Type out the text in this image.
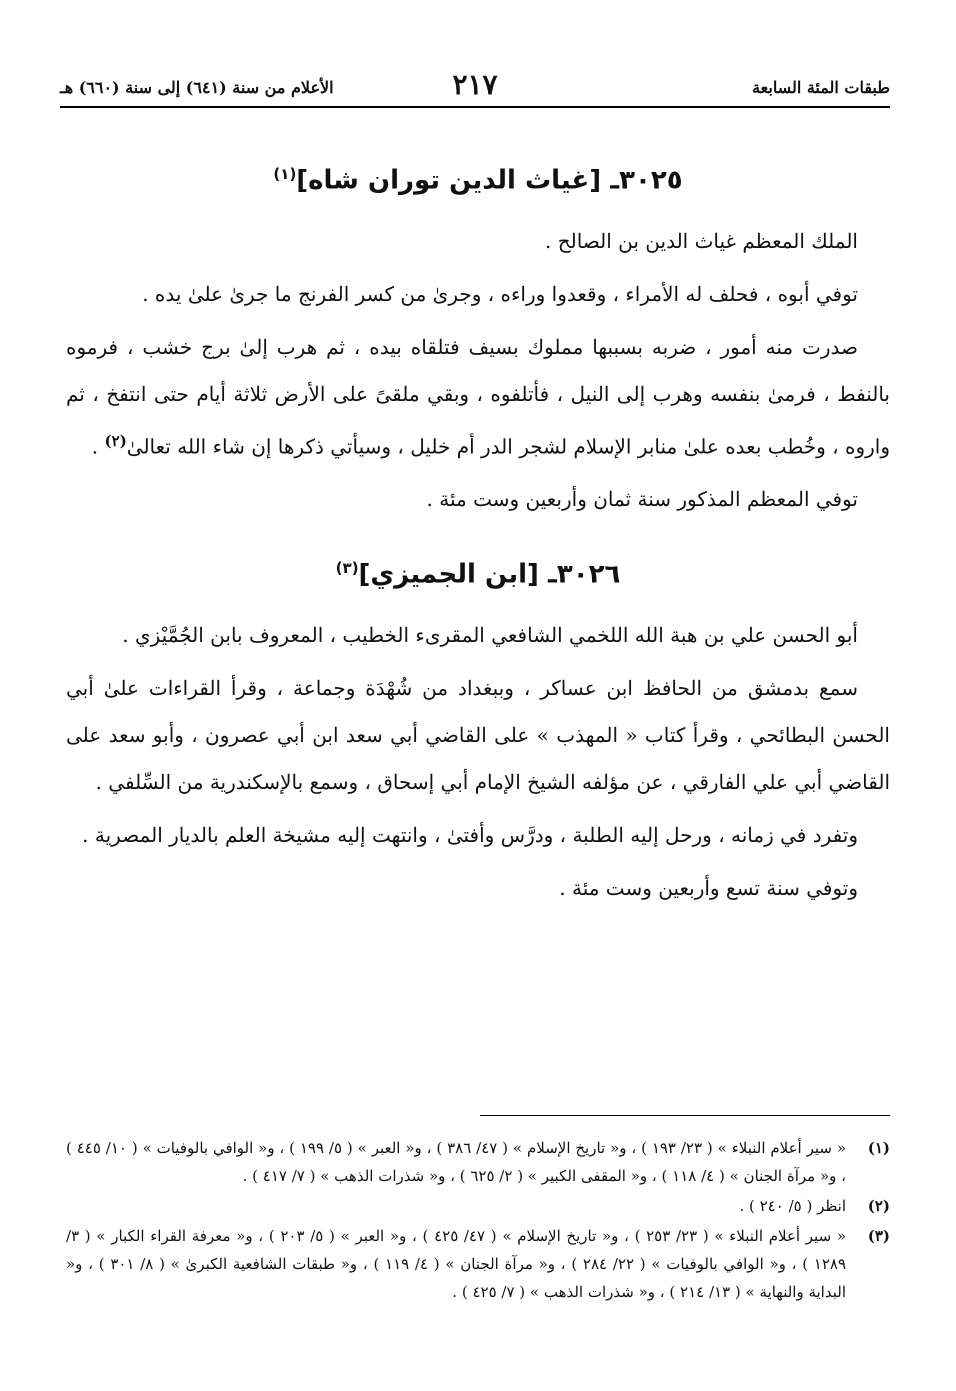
طبقات المئة السابعة
٢١٧
الأعلام من سنة (٦٤١) إلى سنة (٦٦٠) هـ
٣٠٢٥ـ [غياث الدين توران شاه]$^{(١)}$

الملك المعظم غياث الدين بن الصالح .

توفي أبوه ، فحلف له الأمراء ، وقعدوا وراءه ، وجرىٰ من كسر الفرنج ما جرىٰ علىٰ يده .

صدرت منه أمور ، ضربه بسببها مملوك بسيف فتلقاه بيده ، ثم هرب إلىٰ برج خشب ، فرموه بالنفط ، فرمىٰ بنفسه وهرب إلى النيل ، فأتلفوه ، وبقي ملقىً على الأرض ثلاثة أيام حتى انتفخ ، ثم واروه ، وخُطب بعده علىٰ منابر الإسلام لشجر الدر أم خليل ، وسيأتي ذكرها إن شاء الله تعالىٰ$^{(٢)}$ .

توفي المعظم المذكور سنة ثمان وأربعين وست مئة .

٣٠٢٦ـ [ابن الجميزي]$^{(٣)}$

أبو الحسن علي بن هبة الله اللخمي الشافعي المقرىء الخطيب ، المعروف بابن الجُمَّيْزي .

سمع بدمشق من الحافظ ابن عساكر ، وببغداد من شُهْدَة وجماعة ، وقرأ القراءات علىٰ أبي الحسن البطائحي ، وقرأ كتاب « المهذب » على القاضي أبي سعد ابن أبي عصرون ، وأبو سعد على القاضي أبي علي الفارقي ، عن مؤلفه الشيخ الإمام أبي إسحاق ، وسمع بالإسكندرية من السِّلفي .

وتفرد في زمانه ، ورحل إليه الطلبة ، ودرَّس وأفتىٰ ، وانتهت إليه مشيخة العلم بالديار المصرية .

وتوفي سنة تسع وأربعين وست مئة .

(١)
« سير أعلام النبلاء » ( ٢٣/ ١٩٣ ) ، و« تاريخ الإسلام » ( ٤٧/ ٣٨٦ ) ، و« العبر » ( ٥/ ١٩٩ ) ، و« الوافي بالوفيات » ( ١٠/ ٤٤٥ ) ، و« مرآة الجنان » ( ٤/ ١١٨ ) ، و« المقفى الكبير » ( ٢/ ٦٢٥ ) ، و« شذرات الذهب » ( ٧/ ٤١٧ ) .
(٢)
انظر ( ٥/ ٢٤٠ ) .
(٣)
« سير أعلام النبلاء » ( ٢٣/ ٢٥٣ ) ، و« تاريخ الإسلام » ( ٤٧/ ٤٢٥ ) ، و« العبر » ( ٥/ ٢٠٣ ) ، و« معرفة القراء الكبار » ( ٣/ ١٢٨٩ ) ، و« الوافي بالوفيات » ( ٢٢/ ٢٨٤ ) ، و« مرآة الجنان » ( ٤/ ١١٩ ) ، و« طبقات الشافعية الكبرىٰ » ( ٨/ ٣٠١ ) ، و« البداية والنهاية » ( ١٣/ ٢١٤ ) ، و« شذرات الذهب » ( ٧/ ٤٢٥ ) .
